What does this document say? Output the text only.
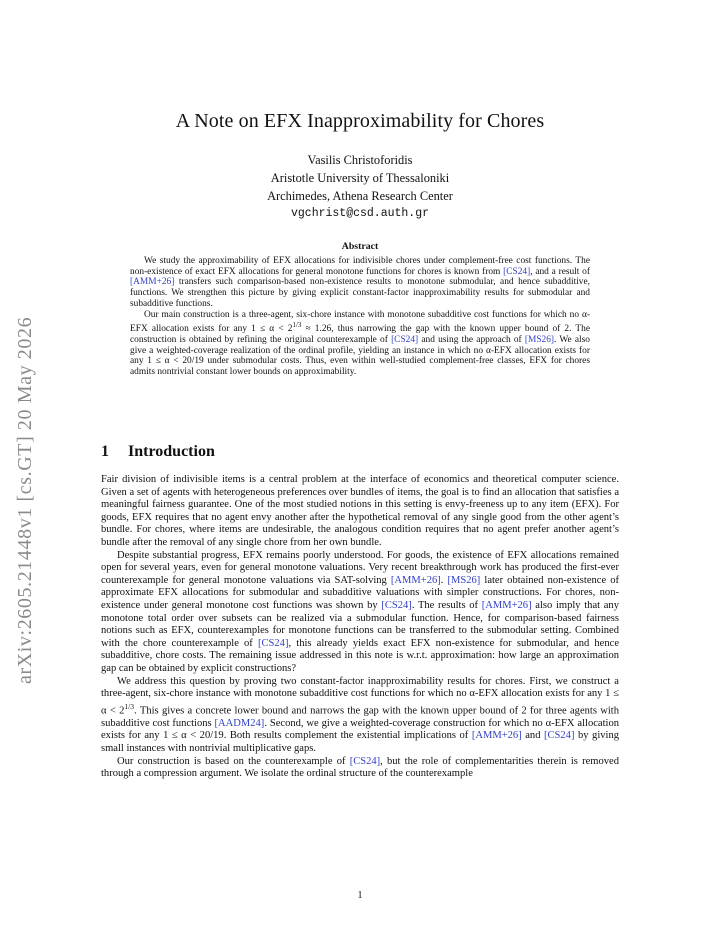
arXiv:2605.21448v1 [cs.GT] 20 May 2026
A Note on EFX Inapproximability for Chores
Vasilis Christoforidis
Aristotle University of Thessaloniki
Archimedes, Athena Research Center
vgchrist@csd.auth.gr
Abstract

We study the approximability of EFX allocations for indivisible chores under complement-free cost functions. The non-existence of exact EFX allocations for general monotone functions for chores is known from [CS24], and a result of [AMM+26] transfers such comparison-based non-existence results to monotone submodular, and hence subadditive, functions. We strengthen this picture by giving explicit constant-factor inapproximability results for submodular and subadditive functions.

Our main construction is a three-agent, six-chore instance with monotone subadditive cost functions for which no α-EFX allocation exists for any $1 \le \alpha < 2^{1/3} \approx 1.26$, thus narrowing the gap with the known upper bound of 2. The construction is obtained by refining the original counterexample of [CS24] and using the approach of [MS26]. We also give a weighted-coverage realization of the ordinal profile, yielding an instance in which no α-EFX allocation exists for any 1 ≤ α < 20/19 under submodular costs. Thus, even within well-studied complement-free classes, EFX for chores admits nontrivial constant lower bounds on approximability.

1 Introduction

Fair division of indivisible items is a central problem at the interface of economics and theoretical computer science. Given a set of agents with heterogeneous preferences over bundles of items, the goal is to find an allocation that satisfies a meaningful fairness guarantee. One of the most studied notions in this setting is envy-freeness up to any item (EFX). For goods, EFX requires that no agent envy another after the hypothetical removal of any single good from the other agent’s bundle. For chores, where items are undesirable, the analogous condition requires that no agent prefer another agent’s bundle after the removal of any single chore from her own bundle.

Despite substantial progress, EFX remains poorly understood. For goods, the existence of EFX allocations remained open for several years, even for general monotone valuations. Very recent breakthrough work has produced the first-ever counterexample for general monotone valuations via SAT-solving [AMM+26]. [MS26] later obtained non-existence of approximate EFX allocations for submodular and subadditive valuations with simpler constructions. For chores, non-existence under general monotone cost functions was shown by [CS24]. The results of [AMM+26] also imply that any monotone total order over subsets can be realized via a submodular function. Hence, for comparison-based fairness notions such as EFX, counterexamples for monotone functions can be transferred to the submodular setting. Combined with the chore counterexample of [CS24], this already yields exact EFX non-existence for submodular, and hence subadditive, chore costs. The remaining issue addressed in this note is w.r.t. approximation: how large an approximation gap can be obtained by explicit constructions?

We address this question by proving two constant-factor inapproximability results for chores. First, we construct a three-agent, six-chore instance with monotone subadditive cost functions for which no α-EFX allocation exists for any $1 \le \alpha < 2^{1/3}$. This gives a concrete lower bound and narrows the gap with the known upper bound of 2 for three agents with subadditive cost functions [AADM24]. Second, we give a weighted-coverage construction for which no α-EFX allocation exists for any 1 ≤ α < 20/19. Both results complement the existential implications of [AMM+26] and [CS24] by giving small instances with nontrivial multiplicative gaps.

Our construction is based on the counterexample of [CS24], but the role of complementarities therein is removed through a compression argument. We isolate the ordinal structure of the counterexample

1
